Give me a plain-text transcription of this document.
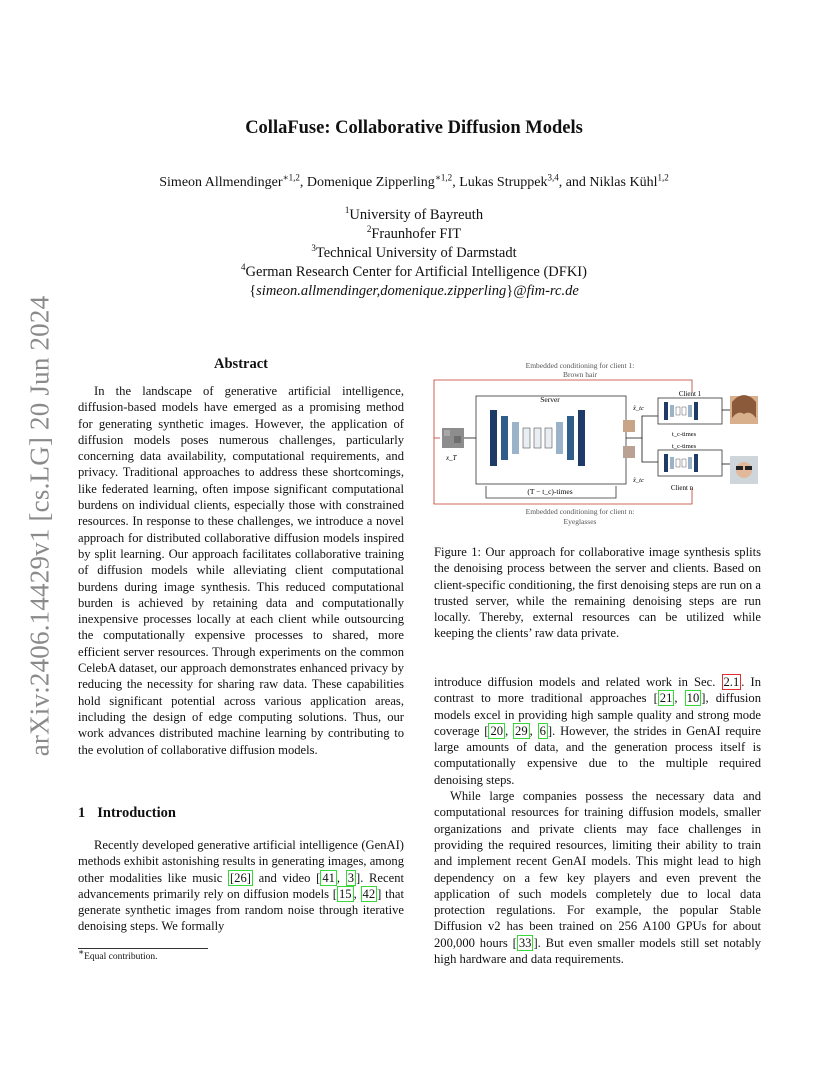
arXiv:2406.14429v1 [cs.LG] 20 Jun 2024
CollaFuse: Collaborative Diffusion Models
Simeon Allmendinger$^{∗1,2}$, Domenique Zipperling$^{∗1,2}$, Lukas Struppek$^{3,4}$, and Niklas Kühl$^{1,2}$
$^1$University of Bayreuth
$^2$Fraunhofer FIT
$^3$Technical University of Darmstadt
$^4$German Research Center for Artificial Intelligence (DFKI)
{simeon.allmendinger,domenique.zipperling}@fim-rc.de
Abstract

In the landscape of generative artificial intelligence, diffusion-based models have emerged as a promising method for generating synthetic images. However, the application of diffusion models poses numerous challenges, particularly concerning data availability, computational requirements, and privacy. Traditional approaches to address these shortcomings, like federated learning, often impose significant computational burdens on individual clients, especially those with constrained resources. In response to these challenges, we introduce a novel approach for distributed collaborative diffusion models inspired by split learning. Our approach facilitates collaborative training of diffusion models while alleviating client computational burdens during image synthesis. This reduced computational burden is achieved by retaining data and computationally inexpensive processes locally at each client while outsourcing the computationally expensive processes to shared, more efficient server resources. Through experiments on the common CelebA dataset, our approach demonstrates enhanced privacy by reducing the necessity for sharing raw data. These capabilities hold significant potential across various application areas, including the design of edge computing solutions. Thus, our work advances distributed machine learning by contributing to the evolution of collaborative diffusion models.

1 Introduction

Recently developed generative artificial intelligence (GenAI) methods exhibit astonishing results in generating images, among other modalities like music [26] and video [ 41 , 3 ]. Recent advancements primarily rely on diffusion models [ 15 , 42 ] that generate synthetic images from random noise through iterative denoising steps. We formally

∗Equal contribution.
Embedded conditioning for client 1:
Brown hair
Embedded conditioning for client n:
Eyeglasses
x_T
Server
(T − t_c)-times
x̂_tc
x̂_tc
Client 1
t_c-times
t_c-times
Client n
Figure 1: Our approach for collaborative image synthesis splits the denoising process between the server and clients. Based on client-specific conditioning, the first denoising steps are run on a trusted server, while the remaining denoising steps are run locally. Thereby, external resources can be utilized while keeping the clients’ raw data private.

introduce diffusion models and related work in Sec. 2.1 . In contrast to more traditional approaches [ 21 , 10 ], diffusion models excel in providing high sample quality and strong mode coverage [ 20 , 29 , 6 ]. However, the strides in GenAI require large amounts of data, and the generation process itself is computationally expensive due to the multiple required denoising steps.

While large companies possess the necessary data and computational resources for training diffusion models, smaller organizations and private clients may face challenges in providing the required resources, limiting their ability to train and implement recent GenAI models. This might lead to high dependency on a few key players and even prevent the application of such models completely due to local data protection regulations. For example, the popular Stable Diffusion v2 has been trained on 256 A100 GPUs for about 200,000 hours [ 33 ]. But even smaller models still set notably high hardware and data requirements.
